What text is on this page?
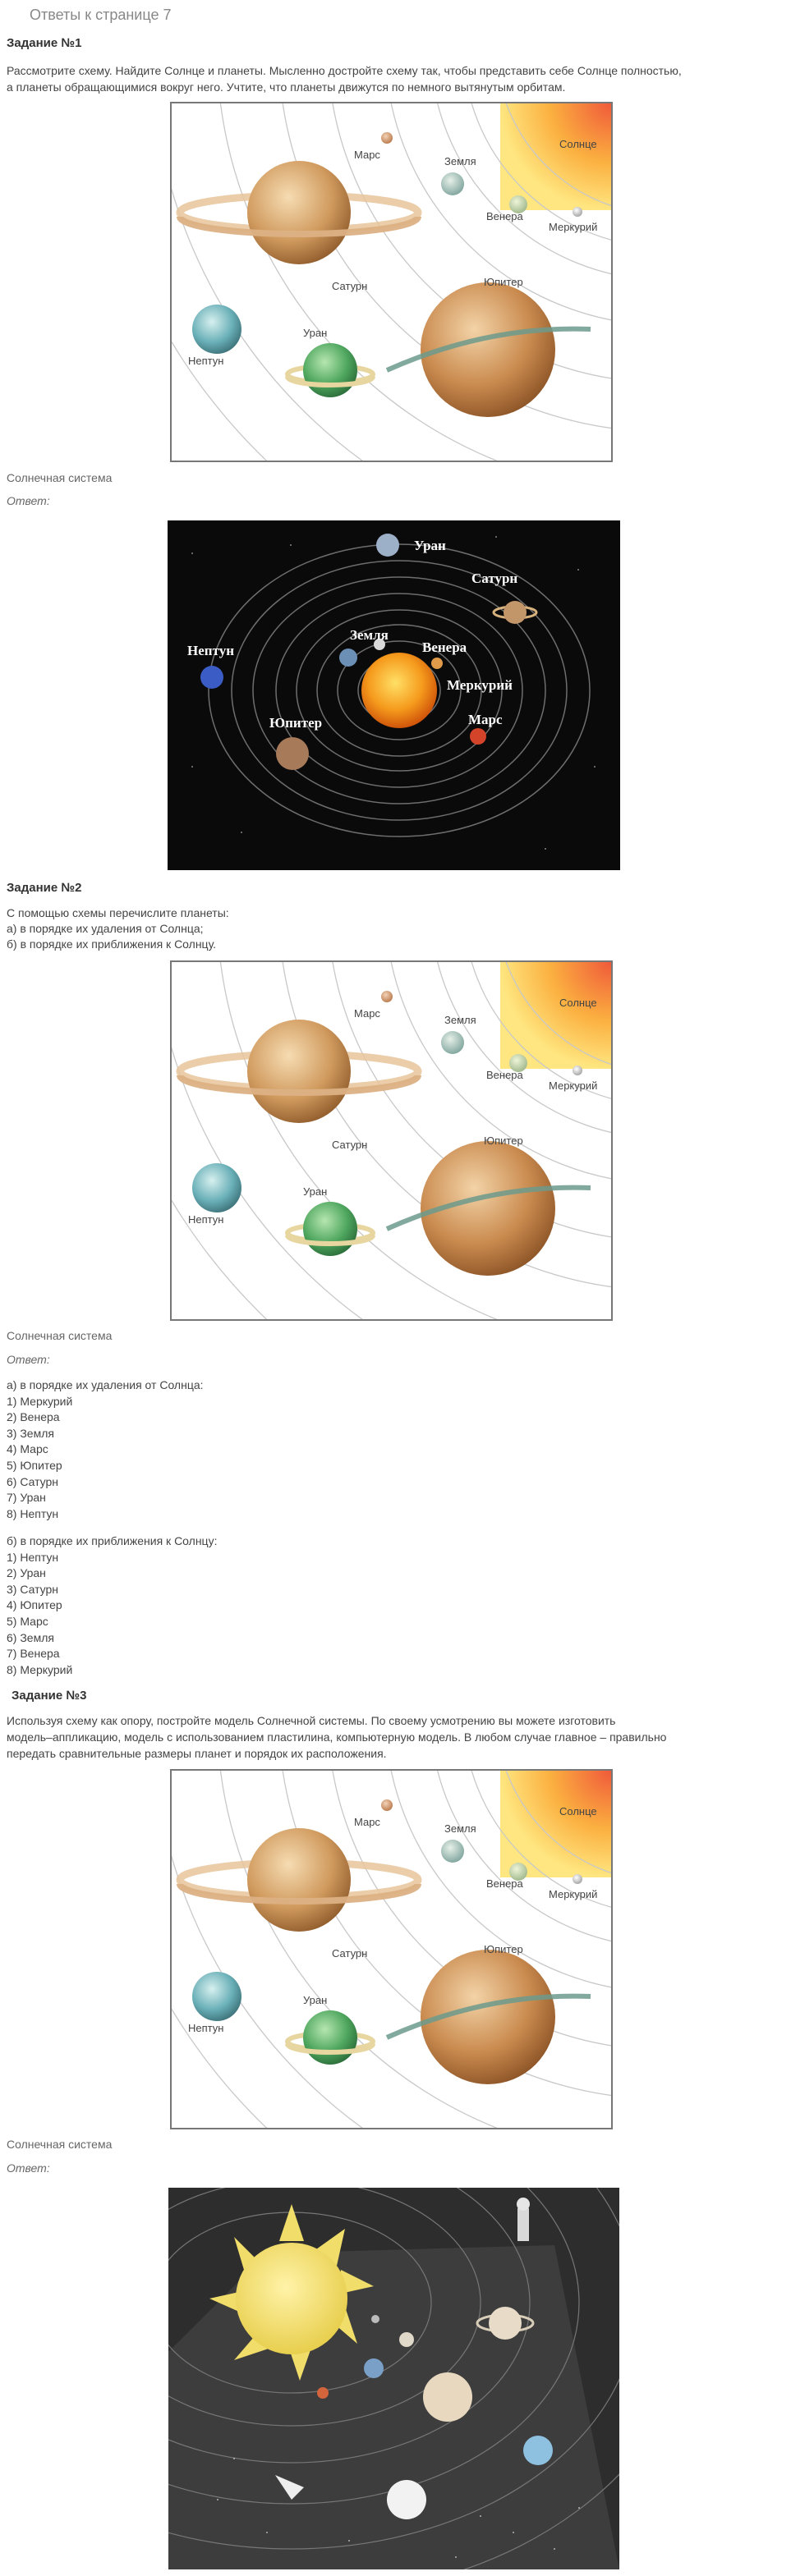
Ответы к странице 7
Задание №1
Рассмотрите схему. Найдите Солнце и планеты. Мысленно достройте схему так, чтобы представить себе Солнце полностью,
а планеты обращающимися вокруг него. Учтите, что планеты движутся по немного вытянутым орбитам.
Солнце
Марс
Земля
Венера
Меркурий
Сатурн	Юпитер
Уран
Нептун
Солнечная система
Ответ:
Уран
Сатурн
Нептун
Земля
Венера
Меркурий
Юпитер	Марс
Задание №2
С помощью схемы перечислите планеты:
а) в порядке их удаления от Солнца;
б) в порядке их приближения к Солнцу.
Солнце
Марс
Земля
Венера
Меркурий
Сатурн	Юпитер
Уран
Нептун
Солнечная система
Ответ:
а) в порядке их удаления от Солнца:
1) Меркурий
2) Венера
3) Земля
4) Марс
5) Юпитер
6) Сатурн
7) Уран
8) Нептун
б) в порядке их приближения к Солнцу:
1) Нептун
2) Уран
3) Сатурн
4) Юпитер
5) Марс
6) Земля
7) Венера
8) Меркурий
Задание №3
Используя схему как опору, постройте модель Солнечной системы. По своему усмотрению вы можете изготовить
модель–аппликацию, модель с использованием пластилина, компьютерную модель. В любом случае главное – правильно
передать сравнительные размеры планет и порядок их расположения.
Солнце
Марс
Земля
Венера
Меркурий
Сатурн	Юпитер
Уран
Нептун
Солнечная система
Ответ:
